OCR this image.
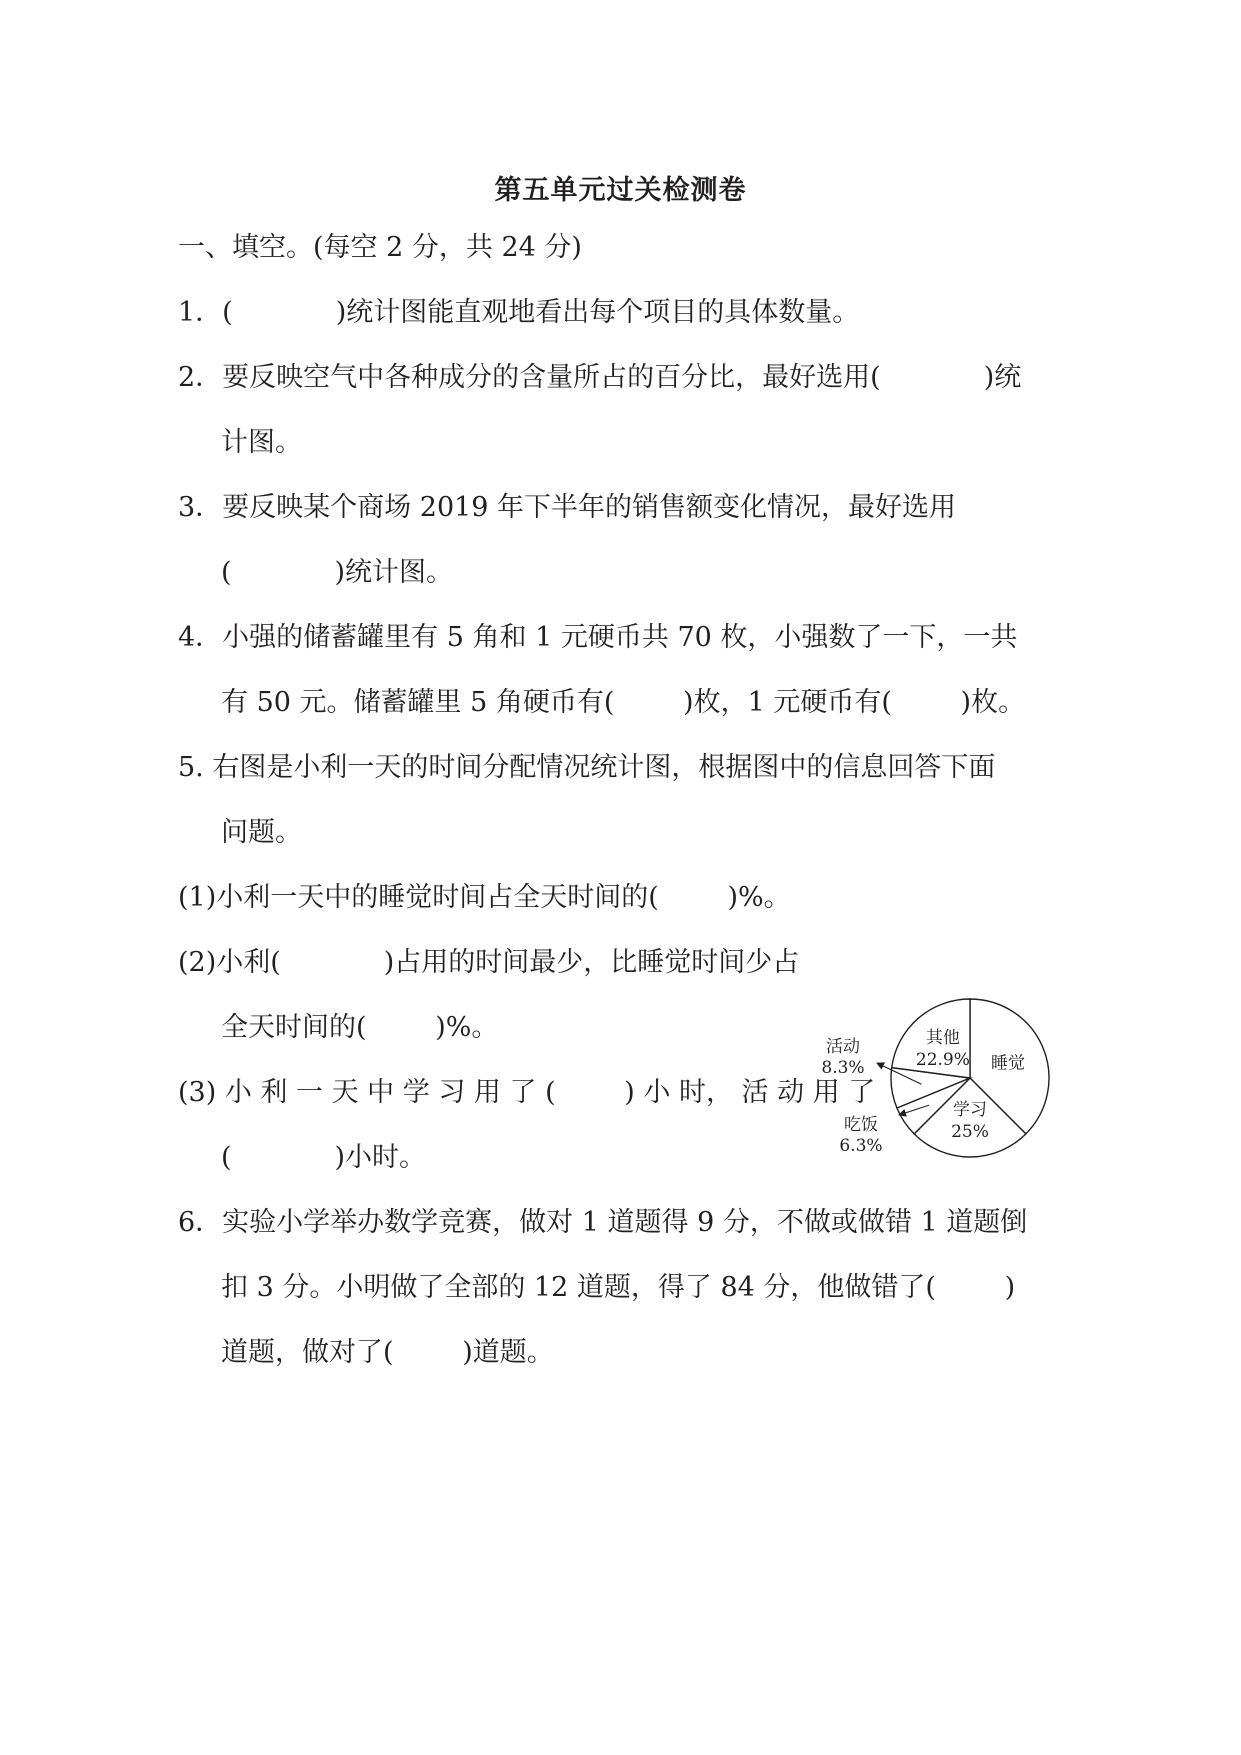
第五单元过关检测卷
一、填空。(每空 2 分，共 24 分)
1．(            )统计图能直观地看出每个项目的具体数量。
2．要反映空气中各种成分的含量所占的百分比，最好选用(            )统
计图。
3．要反映某个商场 2019 年下半年的销售额变化情况，最好选用
(            )统计图。
4．小强的储蓄罐里有 5 角和 1 元硬币共 70 枚，小强数了一下，一共
有 50 元。储蓄罐里 5 角硬币有(        )枚，1 元硬币有(        )枚。
5. 右图是小利一天的时间分配情况统计图，根据图中的信息回答下面
问题。
(1)小利一天中的睡觉时间占全天时间的(        )%。
(2)小利(            )占用的时间最少，比睡觉时间少占
全天时间的(        )%。
(3) 小 利 一 天 中 学 习 用 了 (        ) 小 时， 活 动 用 了
(            )小时。
6．实验小学举办数学竞赛，做对 1 道题得 9 分，不做或做错 1 道题倒
扣 3 分。小明做了全部的 12 道题，得了 84 分，他做错了(        )
道题，做对了(        )道题。
睡觉
学习
25%
吃饭
6.3%
活动
8.3%
其他
22.9%
